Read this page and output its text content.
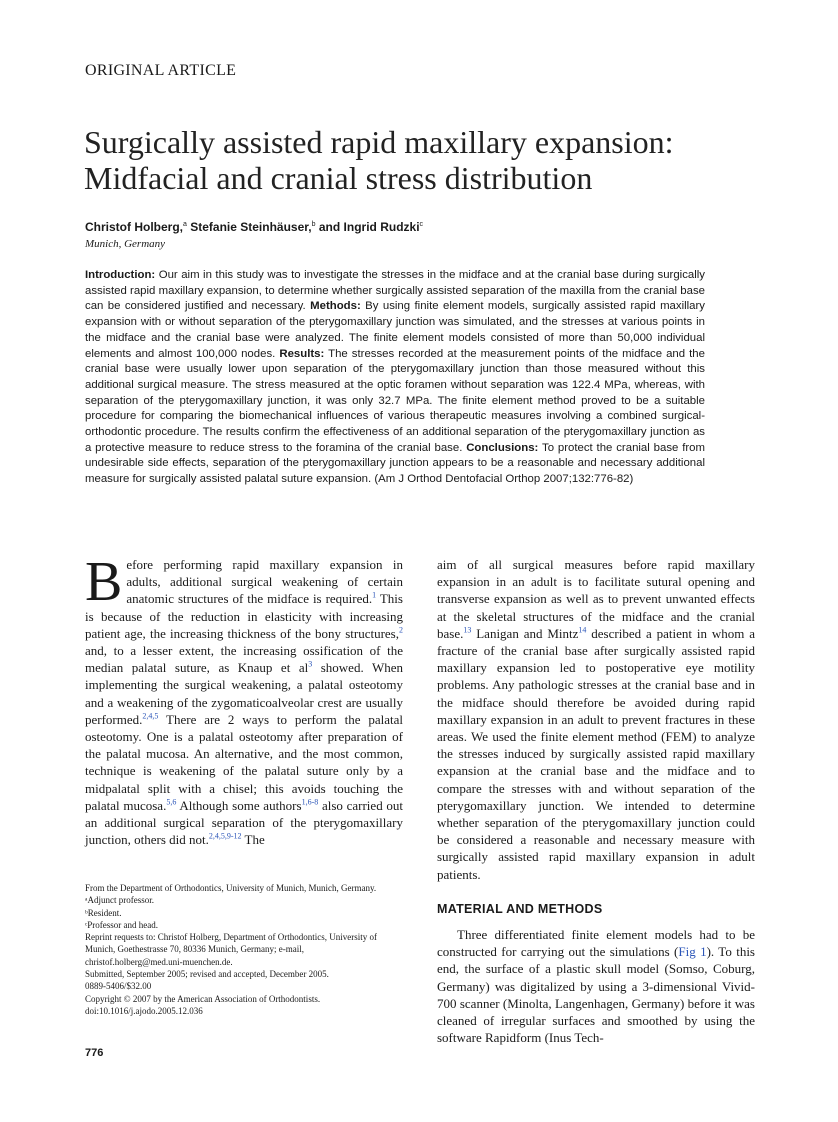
ORIGINAL ARTICLE
Surgically assisted rapid maxillary expansion:
Midfacial and cranial stress distribution
Christof Holberg,$^a$ Stefanie Steinhäuser,$^b$ and Ingrid Rudzki$^c$
Munich, Germany
Introduction: Our aim in this study was to investigate the stresses in the midface and at the cranial base during surgically assisted rapid maxillary expansion, to determine whether surgically assisted separation of the maxilla from the cranial base can be considered justified and necessary. Methods: By using finite element models, surgically assisted rapid maxillary expansion with or without separation of the pterygomaxillary junction was simulated, and the stresses at various points in the midface and the cranial base were analyzed. The finite element models consisted of more than 50,000 individual elements and almost 100,000 nodes. Results: The stresses recorded at the measurement points of the midface and the cranial base were usually lower upon separation of the pterygomaxillary junction than those measured without this additional surgical measure. The stress measured at the optic foramen without separation was 122.4 MPa, whereas, with separation of the pterygomaxillary junction, it was only 32.7 MPa. The finite element method proved to be a suitable procedure for comparing the biomechanical influences of various therapeutic measures involving a combined surgical-orthodontic procedure. The results confirm the effectiveness of an additional separation of the pterygomaxillary junction as a protective measure to reduce stress to the foramina of the cranial base. Conclusions: To protect the cranial base from undesirable side effects, separation of the pterygomaxillary junction appears to be a reasonable and necessary additional measure for surgically assisted palatal suture expansion. (Am J Orthod Dentofacial Orthop 2007;132:776-82)

Before performing rapid maxillary expansion in adults, additional surgical weakening of certain anatomic structures of the midface is required.$^1$ This is because of the reduction in elasticity with increasing patient age, the increasing thickness of the bony structures,$^2$ and, to a lesser extent, the increasing ossification of the median palatal suture, as Knaup et al$^3$ showed. When implementing the surgical weakening, a palatal osteotomy and a weakening of the zygomaticoalveolar crest are usually performed.$^{2,4,5}$ There are 2 ways to perform the palatal osteotomy. One is a palatal osteotomy after preparation of the palatal mucosa. An alternative, and the most common, technique is weakening of the palatal suture only by a midpalatal split with a chisel; this avoids touching the palatal mucosa.$^{5,6}$ Although some authors$^{1,6-8}$ also carried out an additional surgical separation of the pterygomaxillary junction, others did not.$^{2,4,5,9-12}$ The

aim of all surgical measures before rapid maxillary expansion in an adult is to facilitate sutural opening and transverse expansion as well as to prevent unwanted effects at the skeletal structures of the midface and the cranial base.$^{13}$ Lanigan and Mintz$^{14}$ described a patient in whom a fracture of the cranial base after surgically assisted rapid maxillary expansion led to postoperative eye motility problems. Any pathologic stresses at the cranial base and in the midface should therefore be avoided during rapid maxillary expansion in an adult to prevent fractures in these areas. We used the finite element method (FEM) to analyze the stresses induced by surgically assisted rapid maxillary expansion at the cranial base and the midface and to compare the stresses with and without separation of the pterygomaxillary junction. We intended to determine whether separation of the pterygomaxillary junction could be considered a reasonable and necessary measure with surgically assisted rapid maxillary expansion in adult patients.

MATERIAL AND METHODS

Three differentiated finite element models had to be constructed for carrying out the simulations (Fig 1). To this end, the surface of a plastic skull model (Somso, Coburg, Germany) was digitalized by using a 3-dimensional Vivid-700 scanner (Minolta, Langenhagen, Germany) before it was cleaned of irregular surfaces and smoothed by using the software Rapidform (Inus Tech-

From the Department of Orthodontics, University of Munich, Munich, Germany.
ᵃAdjunct professor.
ᵇResident.
ᶜProfessor and head.
Reprint requests to: Christof Holberg, Department of Orthodontics, University of Munich, Goethestrasse 70, 80336 Munich, Germany; e-mail, christof.holberg@med.uni-muenchen.de.
Submitted, September 2005; revised and accepted, December 2005.
0889-5406/$32.00
Copyright © 2007 by the American Association of Orthodontists.
doi:10.1016/j.ajodo.2005.12.036
776
